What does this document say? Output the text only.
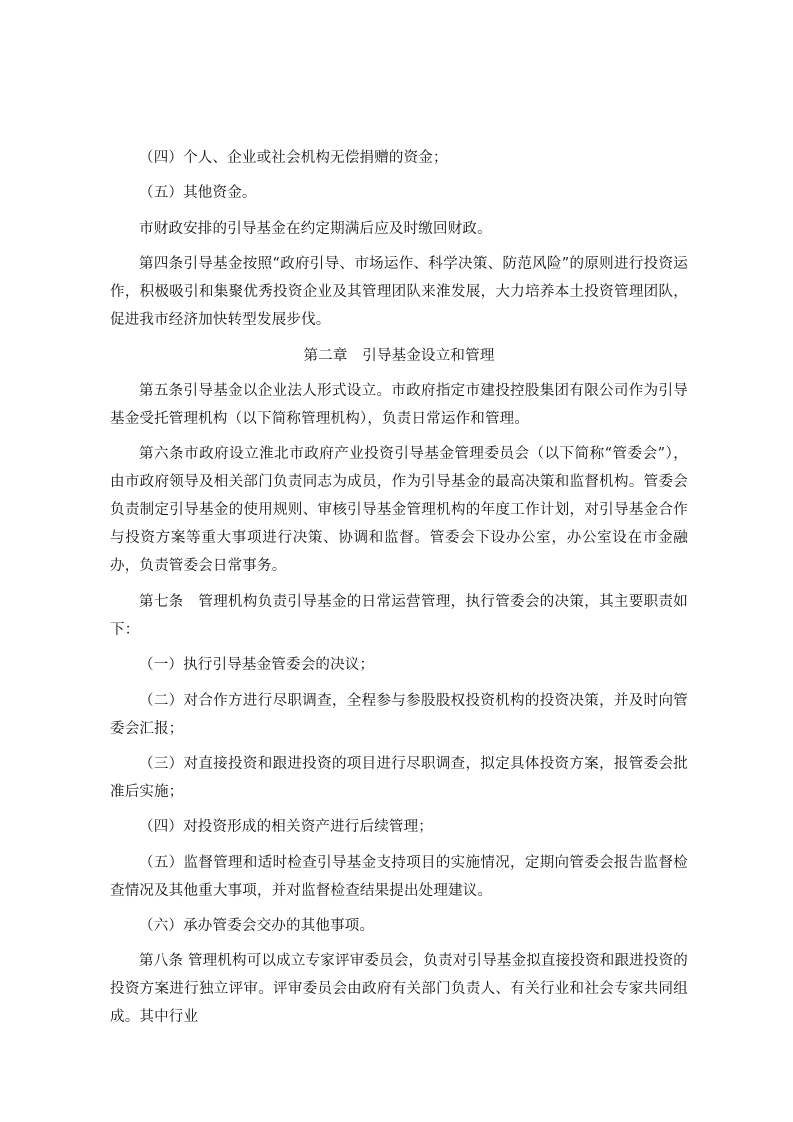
（四）个人、企业或社会机构无偿捐赠的资金；

（五）其他资金。

市财政安排的引导基金在约定期满后应及时缴回财政。

第四条引导基金按照“政府引导、市场运作、科学决策、防范风险”的原则进行投资运作，积极吸引和集聚优秀投资企业及其管理团队来淮发展，大力培养本土投资管理团队，促进我市经济加快转型发展步伐。

第二章　引导基金设立和管理

第五条引导基金以企业法人形式设立。市政府指定市建投控股集团有限公司作为引导基金受托管理机构（以下简称管理机构），负责日常运作和管理。

第六条市政府设立淮北市政府产业投资引导基金管理委员会（以下简称“管委会”），由市政府领导及相关部门负责同志为成员，作为引导基金的最高决策和监督机构。管委会负责制定引导基金的使用规则、审核引导基金管理机构的年度工作计划，对引导基金合作与投资方案等重大事项进行决策、协调和监督。管委会下设办公室，办公室设在市金融办，负责管委会日常事务。

第七条　管理机构负责引导基金的日常运营管理，执行管委会的决策，其主要职责如下：

（一）执行引导基金管委会的决议；

（二）对合作方进行尽职调查，全程参与参股股权投资机构的投资决策，并及时向管委会汇报；

（三）对直接投资和跟进投资的项目进行尽职调查，拟定具体投资方案，报管委会批准后实施；

（四）对投资形成的相关资产进行后续管理；

（五）监督管理和适时检查引导基金支持项目的实施情况，定期向管委会报告监督检查情况及其他重大事项，并对监督检查结果提出处理建议。

（六）承办管委会交办的其他事项。

第八条 管理机构可以成立专家评审委员会，负责对引导基金拟直接投资和跟进投资的投资方案进行独立评审。评审委员会由政府有关部门负责人、有关行业和社会专家共同组成。其中行业
